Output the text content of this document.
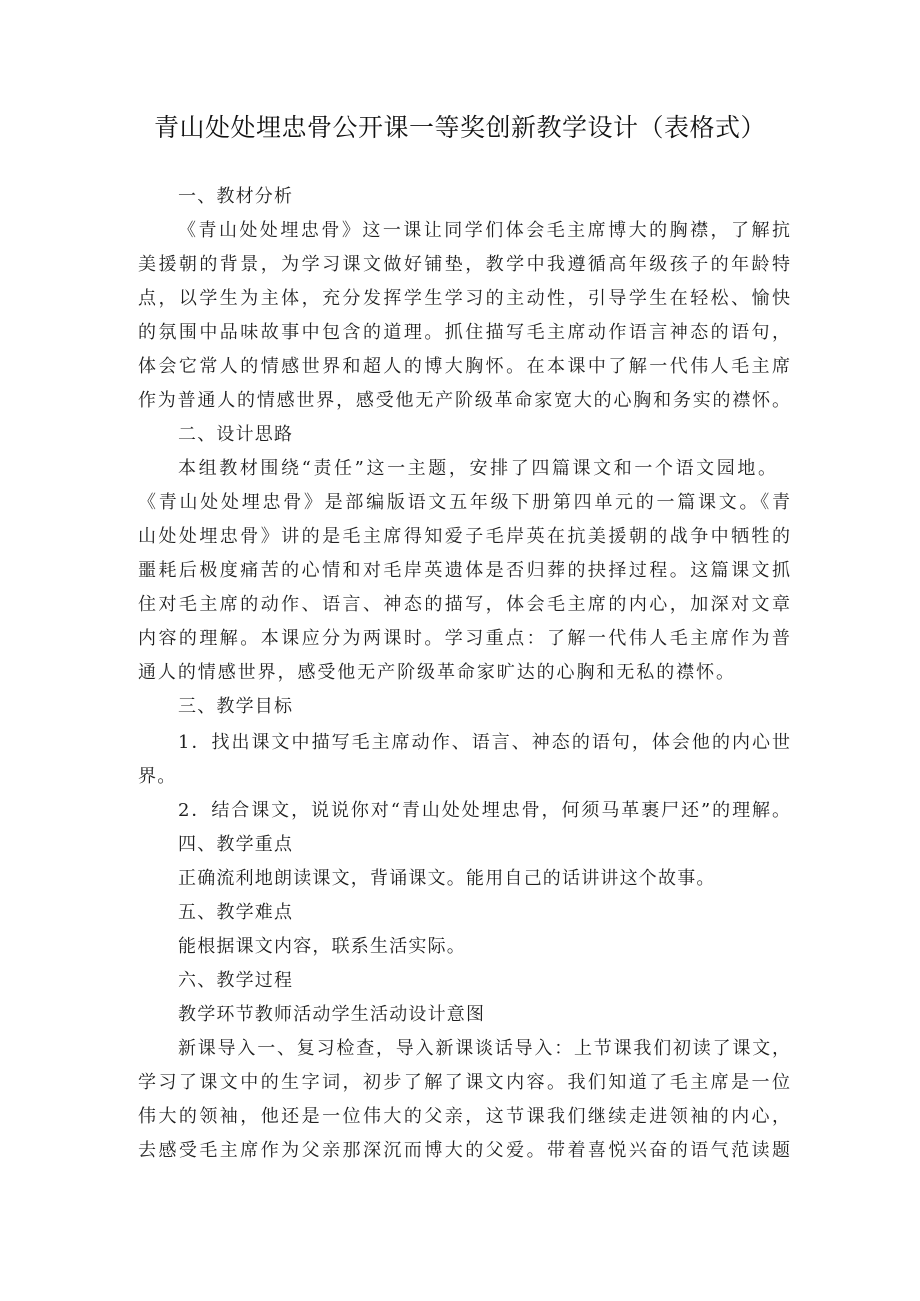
青山处处埋忠骨公开课一等奖创新教学设计（表格式）
一、教材分析
《青山处处埋忠骨》这一课让同学们体会毛主席博大的胸襟，了解抗
美援朝的背景，为学习课文做好铺垫，教学中我遵循高年级孩子的年龄特
点，以学生为主体，充分发挥学生学习的主动性，引导学生在轻松、愉快
的氛围中品味故事中包含的道理。抓住描写毛主席动作语言神态的语句，
体会它常人的情感世界和超人的博大胸怀。在本课中了解一代伟人毛主席
作为普通人的情感世界，感受他无产阶级革命家宽大的心胸和务实的襟怀。
二、设计思路
本组教材围绕“责任”这一主题，安排了四篇课文和一个语文园地。
《青山处处埋忠骨》是部编版语文五年级下册第四单元的一篇课文。《青
山处处埋忠骨》讲的是毛主席得知爱子毛岸英在抗美援朝的战争中牺牲的
噩耗后极度痛苦的心情和对毛岸英遗体是否归葬的抉择过程。这篇课文抓
住对毛主席的动作、语言、神态的描写，体会毛主席的内心，加深对文章
内容的理解。本课应分为两课时。学习重点：了解一代伟人毛主席作为普
通人的情感世界，感受他无产阶级革命家旷达的心胸和无私的襟怀。
三、教学目标
1．找出课文中描写毛主席动作、语言、神态的语句，体会他的内心世
界。
2．结合课文，说说你对“青山处处埋忠骨，何须马革裹尸还”的理解。
四、教学重点
正确流利地朗读课文，背诵课文。能用自己的话讲讲这个故事。
五、教学难点
能根据课文内容，联系生活实际。
六、教学过程
教学环节教师活动学生活动设计意图
新课导入一、复习检查，导入新课谈话导入：上节课我们初读了课文，
学习了课文中的生字词，初步了解了课文内容。我们知道了毛主席是一位
伟大的领袖，他还是一位伟大的父亲，这节课我们继续走进领袖的内心，
去感受毛主席作为父亲那深沉而博大的父爱。带着喜悦兴奋的语气范读题
